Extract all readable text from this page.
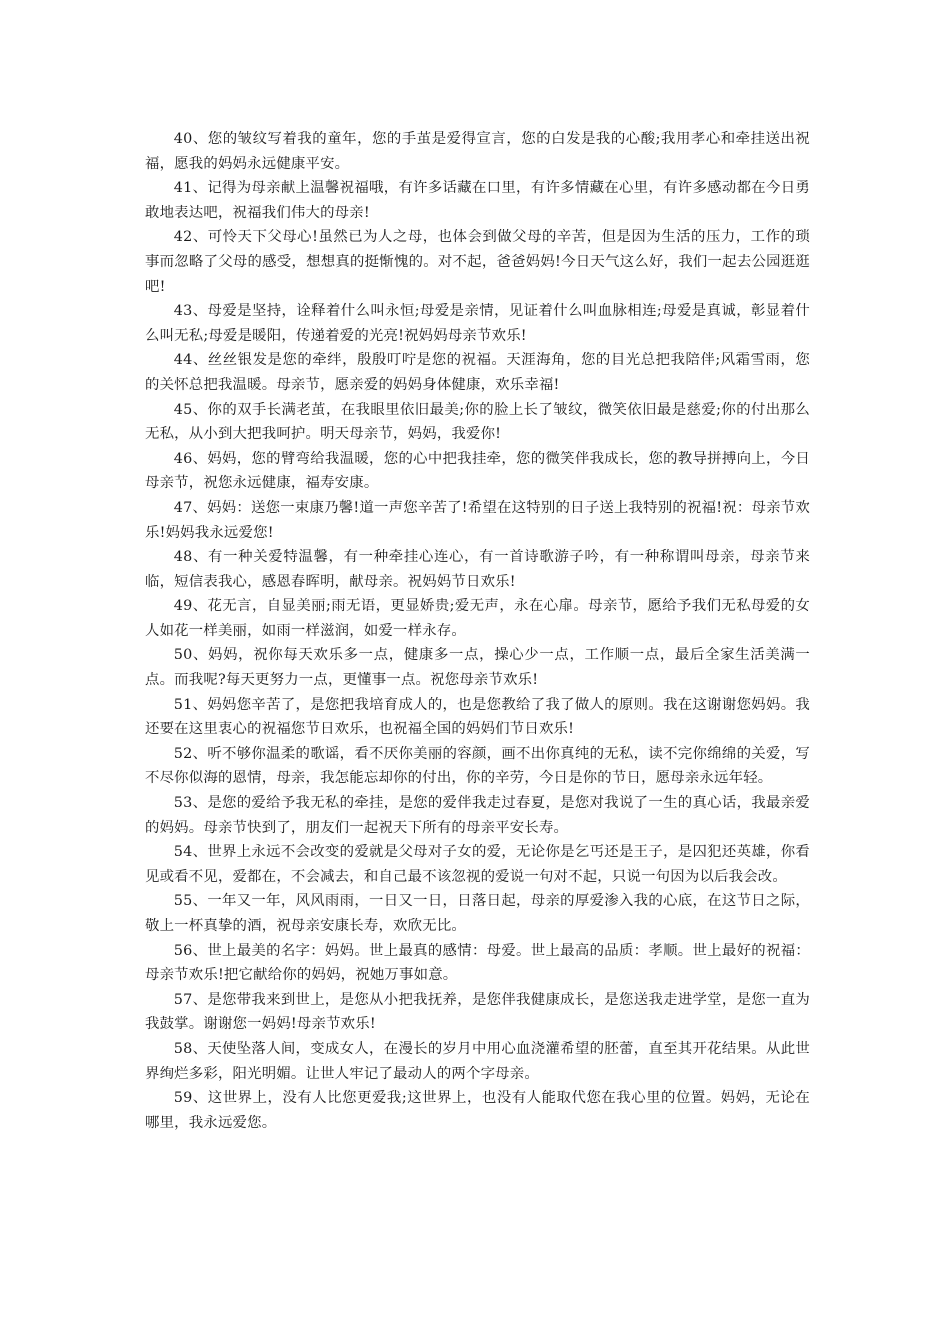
40、您的皱纹写着我的童年，您的手茧是爱得宣言，您的白发是我的心酸;我用孝心和牵挂送出祝福，愿我的妈妈永远健康平安。

41、记得为母亲献上温馨祝福哦，有许多话藏在口里，有许多情藏在心里，有许多感动都在今日勇敢地表达吧，祝福我们伟大的母亲!

42、可怜天下父母心!虽然已为人之母，也体会到做父母的辛苦，但是因为生活的压力，工作的琐事而忽略了父母的感受，想想真的挺惭愧的。对不起，爸爸妈妈!今日天气这么好，我们一起去公园逛逛吧!

43、母爱是坚持，诠释着什么叫永恒;母爱是亲情，见证着什么叫血脉相连;母爱是真诚，彰显着什么叫无私;母爱是暖阳，传递着爱的光亮!祝妈妈母亲节欢乐!

44、丝丝银发是您的牵绊，殷殷叮咛是您的祝福。天涯海角，您的目光总把我陪伴;风霜雪雨，您的关怀总把我温暖。母亲节，愿亲爱的妈妈身体健康，欢乐幸福!

45、你的双手长满老茧，在我眼里依旧最美;你的脸上长了皱纹，微笑依旧最是慈爱;你的付出那么无私，从小到大把我呵护。明天母亲节，妈妈，我爱你!

46、妈妈，您的臂弯给我温暖，您的心中把我挂牵，您的微笑伴我成长，您的教导拼搏向上，今日母亲节，祝您永远健康，福寿安康。

47、妈妈：送您一束康乃馨!道一声您辛苦了!希望在这特别的日子送上我特别的祝福!祝：母亲节欢乐!妈妈我永远爱您!

48、有一种关爱特温馨，有一种牵挂心连心，有一首诗歌游子吟，有一种称谓叫母亲，母亲节来临，短信表我心，感恩春晖明，献母亲。祝妈妈节日欢乐!

49、花无言，自显美丽;雨无语，更显娇贵;爱无声，永在心扉。母亲节，愿给予我们无私母爱的女人如花一样美丽，如雨一样滋润，如爱一样永存。

50、妈妈，祝你每天欢乐多一点，健康多一点，操心少一点，工作顺一点，最后全家生活美满一点。而我呢?每天更努力一点，更懂事一点。祝您母亲节欢乐!

51、妈妈您辛苦了，是您把我培育成人的，也是您教给了我了做人的原则。我在这谢谢您妈妈。我还要在这里衷心的祝福您节日欢乐，也祝福全国的妈妈们节日欢乐!

52、听不够你温柔的歌谣，看不厌你美丽的容颜，画不出你真纯的无私，读不完你绵绵的关爱，写不尽你似海的恩情，母亲，我怎能忘却你的付出，你的辛劳，今日是你的节日，愿母亲永远年轻。

53、是您的爱给予我无私的牵挂，是您的爱伴我走过春夏，是您对我说了一生的真心话，我最亲爱的妈妈。母亲节快到了，朋友们一起祝天下所有的母亲平安长寿。

54、世界上永远不会改变的爱就是父母对子女的爱，无论你是乞丐还是王子，是囚犯还英雄，你看见或看不见，爱都在，不会减去，和自己最不该忽视的爱说一句对不起，只说一句因为以后我会改。

55、一年又一年，风风雨雨，一日又一日，日落日起，母亲的厚爱渗入我的心底，在这节日之际，敬上一杯真挚的酒，祝母亲安康长寿，欢欣无比。

56、世上最美的名字：妈妈。世上最真的感情：母爱。世上最高的品质：孝顺。世上最好的祝福：母亲节欢乐!把它献给你的妈妈，祝她万事如意。

57、是您带我来到世上，是您从小把我抚养，是您伴我健康成长，是您送我走进学堂，是您一直为我鼓掌。谢谢您一妈妈!母亲节欢乐!

58、天使坠落人间，变成女人，在漫长的岁月中用心血浇灌希望的胚蕾，直至其开花结果。从此世界绚烂多彩，阳光明媚。让世人牢记了最动人的两个字母亲。

59、这世界上，没有人比您更爱我;这世界上，也没有人能取代您在我心里的位置。妈妈，无论在哪里，我永远爱您。
